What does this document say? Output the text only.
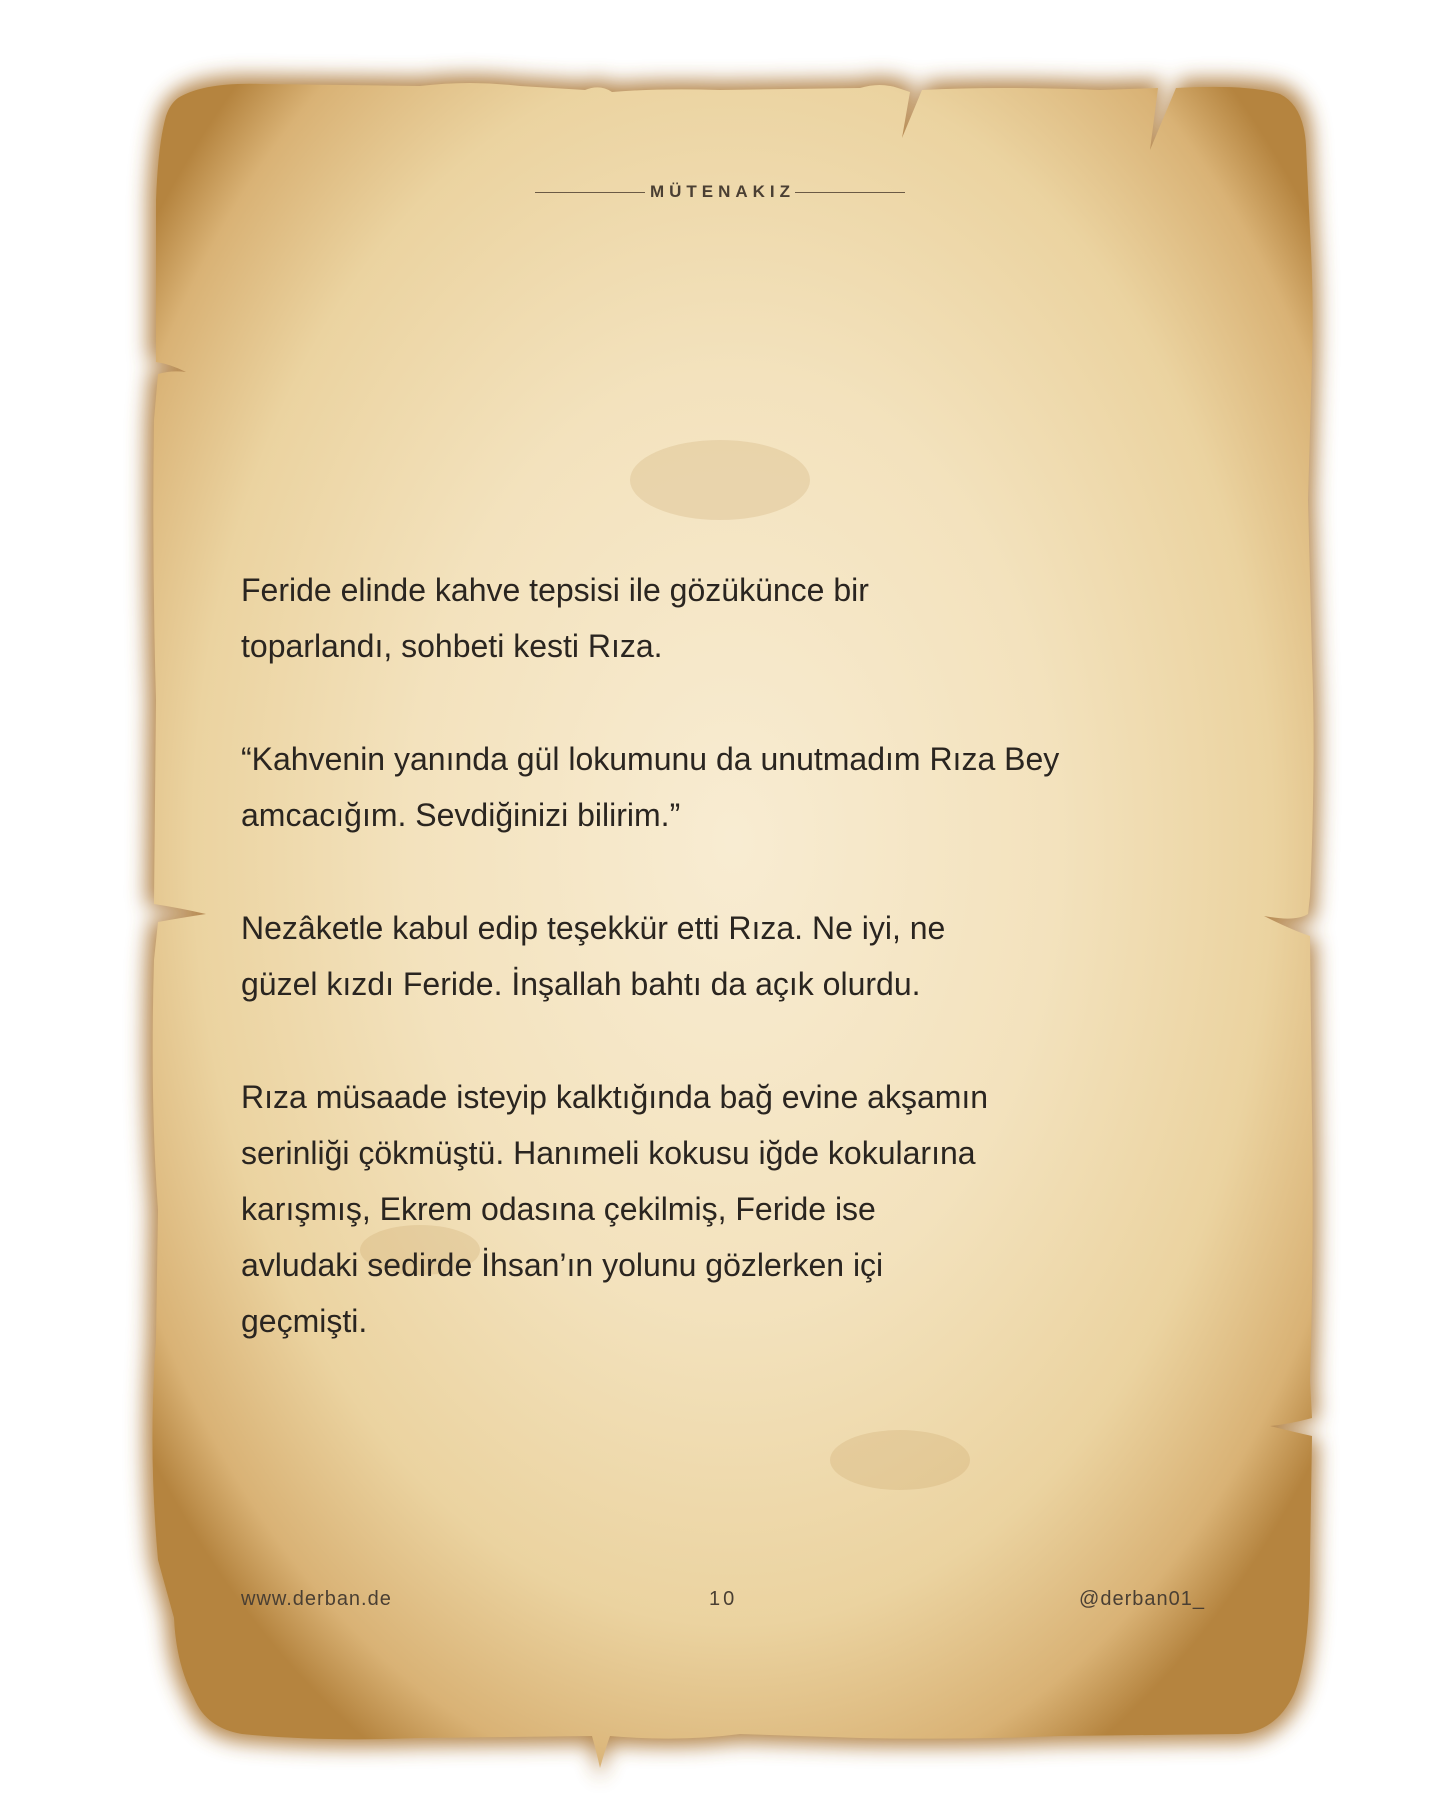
MÜTENAKIZ

Feride elinde kahve tepsisi ile gözükünce bir
toparlandı, sohbeti kesti Rıza.

“Kahvenin yanında gül lokumunu da unutmadım Rıza Bey
amcacığım. Sevdiğinizi bilirim.”

Nezâketle kabul edip teşekkür etti Rıza. Ne iyi, ne
güzel kızdı Feride. İnşallah bahtı da açık olurdu.

Rıza müsaade isteyip kalktığında bağ evine akşamın
serinliği çökmüştü. Hanımeli kokusu iğde kokularına
karışmış, Ekrem odasına çekilmiş, Feride ise
avludaki sedirde İhsan’ın yolunu gözlerken içi
geçmişti.

www.derban.de	10	@derban01_
